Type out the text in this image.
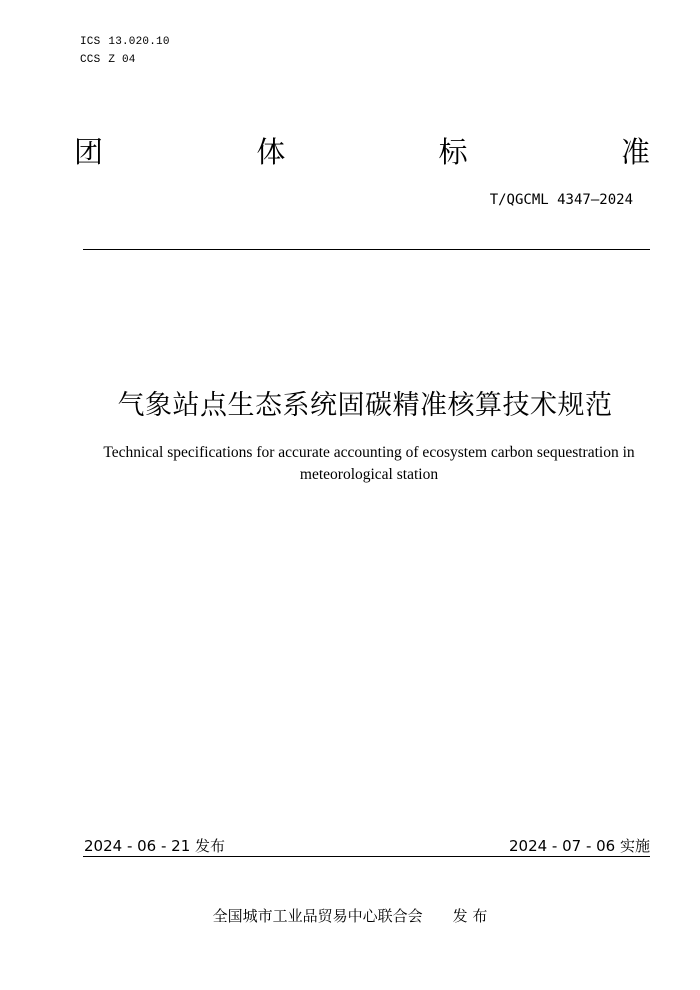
ICS 13.020.10
CCS Z 04
团	体	标	准
T/QGCML 4347—2024
气象站点生态系统固碳精准核算技术规范
Technical specifications for accurate accounting of ecosystem carbon sequestration in meteorological station
2024 - 06 - 21 发布	2024 - 07 - 06 实施
全国城市工业品贸易中心联合会 发 布
